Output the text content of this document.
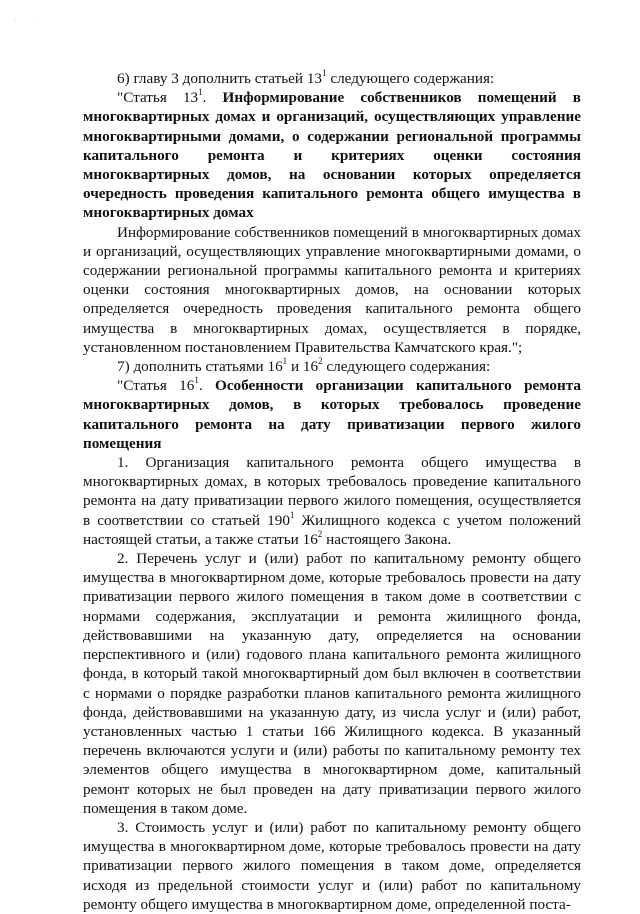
. .
6) главу 3 дополнить статьей $13^1$ следующего содержания:
"Статья $13^1$. Информирование собственников помещений в многоквартирных домах и организаций, осуществляющих управление многоквартирными домами, о содержании региональной программы капитального ремонта и критериях оценки состояния многоквартирных домов, на основании которых определяется очередность проведения капитального ремонта общего имущества в многоквартирных домах
Информирование собственников помещений в многоквартирных домах и организаций, осуществляющих управление многоквартирными домами, о содержании региональной программы капитального ремонта и критериях оценки состояния многоквартирных домов, на основании которых определяется очередность проведения капитального ремонта общего имущества в многоквартирных домах, осуществляется в порядке, установленном постановлением Правительства Камчатского края.";
7) дополнить статьями $16^1$ и $16^2$ следующего содержания:
"Статья $16^1$. Особенности организации капитального ремонта многоквартирных домов, в которых требовалось проведение капитального ремонта на дату приватизации первого жилого помещения
1. Организация капитального ремонта общего имущества в многоквартирных домах, в которых требовалось проведение капитального ремонта на дату приватизации первого жилого помещения, осуществляется в соответствии со статьей $190^1$ Жилищного кодекса с учетом положений настоящей статьи, а также статьи $16^2$ настоящего Закона.
2. Перечень услуг и (или) работ по капитальному ремонту общего имущества в многоквартирном доме, которые требовалось провести на дату приватизации первого жилого помещения в таком доме в соответствии с нормами содержания, эксплуатации и ремонта жилищного фонда, действовавшими на указанную дату, определяется на основании перспективного и (или) годового плана капитального ремонта жилищного фонда, в который такой многоквартирный дом был включен в соответствии с нормами о порядке разработки планов капитального ремонта жилищного фонда, действовавшими на указанную дату, из числа услуг и (или) работ, установленных частью 1 статьи 166 Жилищного кодекса. В указанный перечень включаются услуги и (или) работы по капитальному ремонту тех элементов общего имущества в многоквартирном доме, капитальный ремонт которых не был проведен на дату приватизации первого жилого помещения в таком доме.
3. Стоимость услуг и (или) работ по капитальному ремонту общего имущества в многоквартирном доме, которые требовалось провести на дату приватизации первого жилого помещения в таком доме, определяется исходя из предельной стоимости услуг и (или) работ по капитальному ремонту общего имущества в многоквартирном доме, определенной поста-
